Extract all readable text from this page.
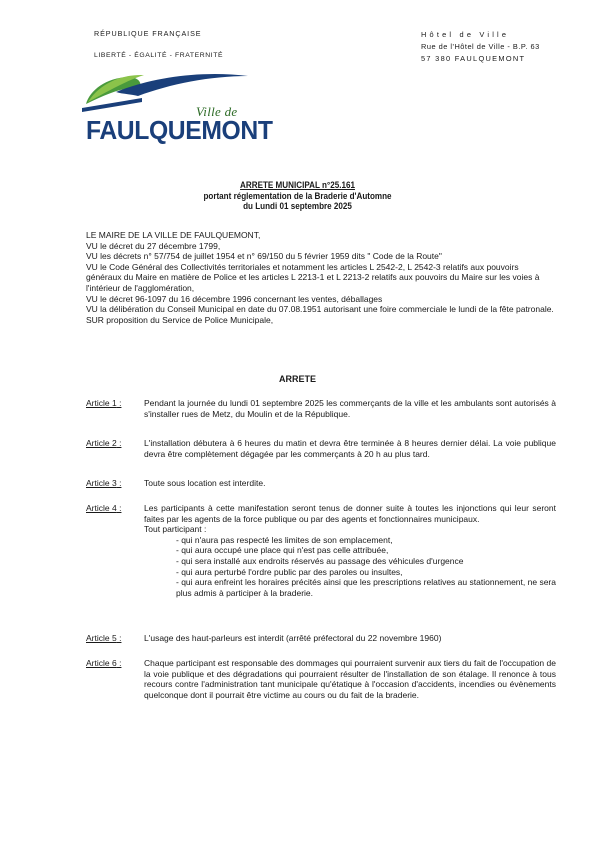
RÉPUBLIQUE FRANÇAISE
LIBERTÉ - ÉGALITÉ - FRATERNITÉ
Hôtel de Ville
Rue de l'Hôtel de Ville - B.P. 63
57 380 FAULQUEMONT
Ville de
FAULQUEMONT
ARRETE MUNICIPAL n°25.161
portant réglementation de la Braderie d'Automne
du Lundi 01 septembre 2025
LE MAIRE DE LA VILLE DE FAULQUEMONT,
VU le décret du 27 décembre 1799,
VU les décrets n° 57/754 de juillet 1954 et n° 69/150 du 5 février 1959 dits " Code de la Route"
VU le Code Général des Collectivités territoriales et notamment les articles L 2542-2, L 2542-3 relatifs aux pouvoirs généraux du Maire en matière de Police et les articles L 2213-1 et L 2213-2 relatifs aux pouvoirs du Maire sur les voies à l'intérieur de l'agglomération,
VU le décret 96-1097 du 16 décembre 1996 concernant les ventes, déballages
VU la délibération du Conseil Municipal en date du 07.08.1951 autorisant une foire commerciale le lundi de la fête patronale.
SUR proposition du Service de Police Municipale,
ARRETE
Article 1 :	Pendant la journée du lundi 01 septembre 2025 les commerçants de la ville et les ambulants sont autorisés à s'installer rues de Metz, du Moulin et de la République.
Article 2 :	L'installation débutera à 6 heures du matin et devra être terminée à 8 heures dernier délai. La voie publique devra être complètement dégagée par les commerçants à 20 h au plus tard.
Article 3 :	Toute sous location est interdite.
Article 4 :	Les participants à cette manifestation seront tenus de donner suite à toutes les injonctions qui leur seront faites par les agents de la force publique ou par des agents et fonctionnaires municipaux.
Tout participant :
- qui n'aura pas respecté les limites de son emplacement,
- qui aura occupé une place qui n'est pas celle attribuée,
- qui sera installé aux endroits réservés au passage des véhicules d'urgence
- qui aura perturbé l'ordre public par des paroles ou insultes,
- qui aura enfreint les horaires précités ainsi que les prescriptions relatives au stationnement, ne sera plus admis à participer à la braderie.
Article 5 :	L'usage des haut-parleurs est interdit (arrêté préfectoral du 22 novembre 1960)
Article 6 :	Chaque participant est responsable des dommages qui pourraient survenir aux tiers du fait de l'occupation de la voie publique et des dégradations qui pourraient résulter de l'installation de son étalage. Il renonce à tous recours contre l'administration tant municipale qu'étatique à l'occasion d'accidents, incendies ou évènements quelconque dont il pourrait être victime au cours ou du fait de la braderie.
